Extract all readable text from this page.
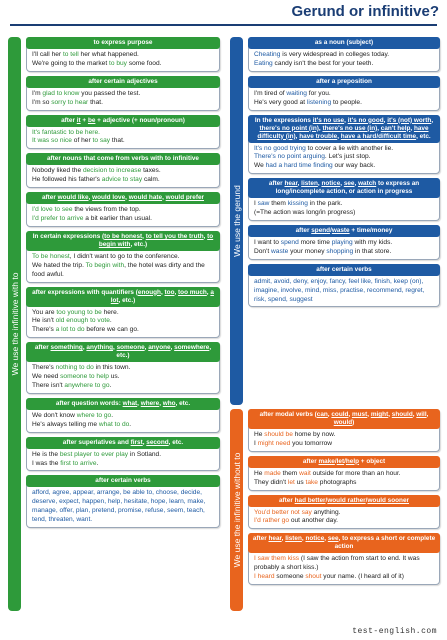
Gerund or infinitive?
We use the infinitive with to
We use the gerund
We use the infinitive without to
to express purpose
I'll call her to tell her what happened.
We're going to the market to buy some food.
after certain adjectives
I'm glad to know you passed the test.
I'm so sorry to hear that.
after it + be + adjective (+ noun/pronoun)
It's fantastic to be here.
It was so nice of her to say that.
after nouns that come from verbs with to infinitive
Nobody liked the decision to increase taxes.
He followed his father's advice to stay calm.
after would like, would love, would hate, would prefer
I'd love to see the views from the top.
I'd prefer to arrive a bit earlier than usual.
In certain expressions (to be honest, to tell you the truth, to begin with, etc.)
To be honest, I didn't want to go to the conference.
We hated the trip. To begin with, the hotel was dirty and the food awful.
after expressions with quantifiers (enough, too, too much, a lot, etc.)
You are too young to be here.
He isn't old enough to vote.
There's a lot to do before we can go.
after something, anything, someone, anyone, somewhere, etc.)
There's nothing to do in this town.
We need someone to help us.
There isn't anywhere to go.
after question words: what, where, who, etc.
We don't know where to go.
He's always telling me what to do.
after superlatives and first, second, etc.
He is the best player to ever play in Sotland.
I was the first to arrive.
after certain verbs
afford, agree, appear, arrange, be able to, choose, decide, deserve, expect, happen, help, hesitate, hope, learn, make, manage, offer, plan, pretend, promise, refuse, seem, teach, tend, threaten, want.
as a noun (subject)
Cheating is very widespread in colleges today.
Eating candy isn't the best for your teeth.
after a preposition
I'm tired of waiting for you.
He's very good at listening to people.
In the expressions it's no use, it's no good, it's (not) worth, there's no point (in), there's no use (in), can't help, have difficulty (in), have trouble, have a hard/difficult time, etc.
It's no good trying to cover a lie with another lie.
There's no point arguing. Let's just stop.
We had a hard time finding our way back.
after hear, listen, notice, see, watch to express an long/incomplete action, or action in progress
I saw them kissing in the park.
(=The action was long/in progress)
after spend/waste + time/money
I want to spend more time playing with my kids.
Don't waste your money shopping in that store.
after certain verbs
admit, avoid, deny, enjoy, fancy, feel like, finish, keep (on), imagine, involve, mind, miss, practise, recommend, regret, risk, spend, suggest
after modal verbs (can, could, must, might, should, will, would)
He should be home by now.
I might need you tomorrow
after make/let/help + object
He made them wait outside for more than an hour.
They didn't let us take photographs
after had better/would rather/would sooner
You'd better not say anything.
I'd rather go out another day.
after hear, listen, notice, see, to express a short or complete action
I saw them kiss (I saw the action from start to end. It was probably a short kiss.)
I heard someone shout your name. (I heard all of it)
test-english.com
